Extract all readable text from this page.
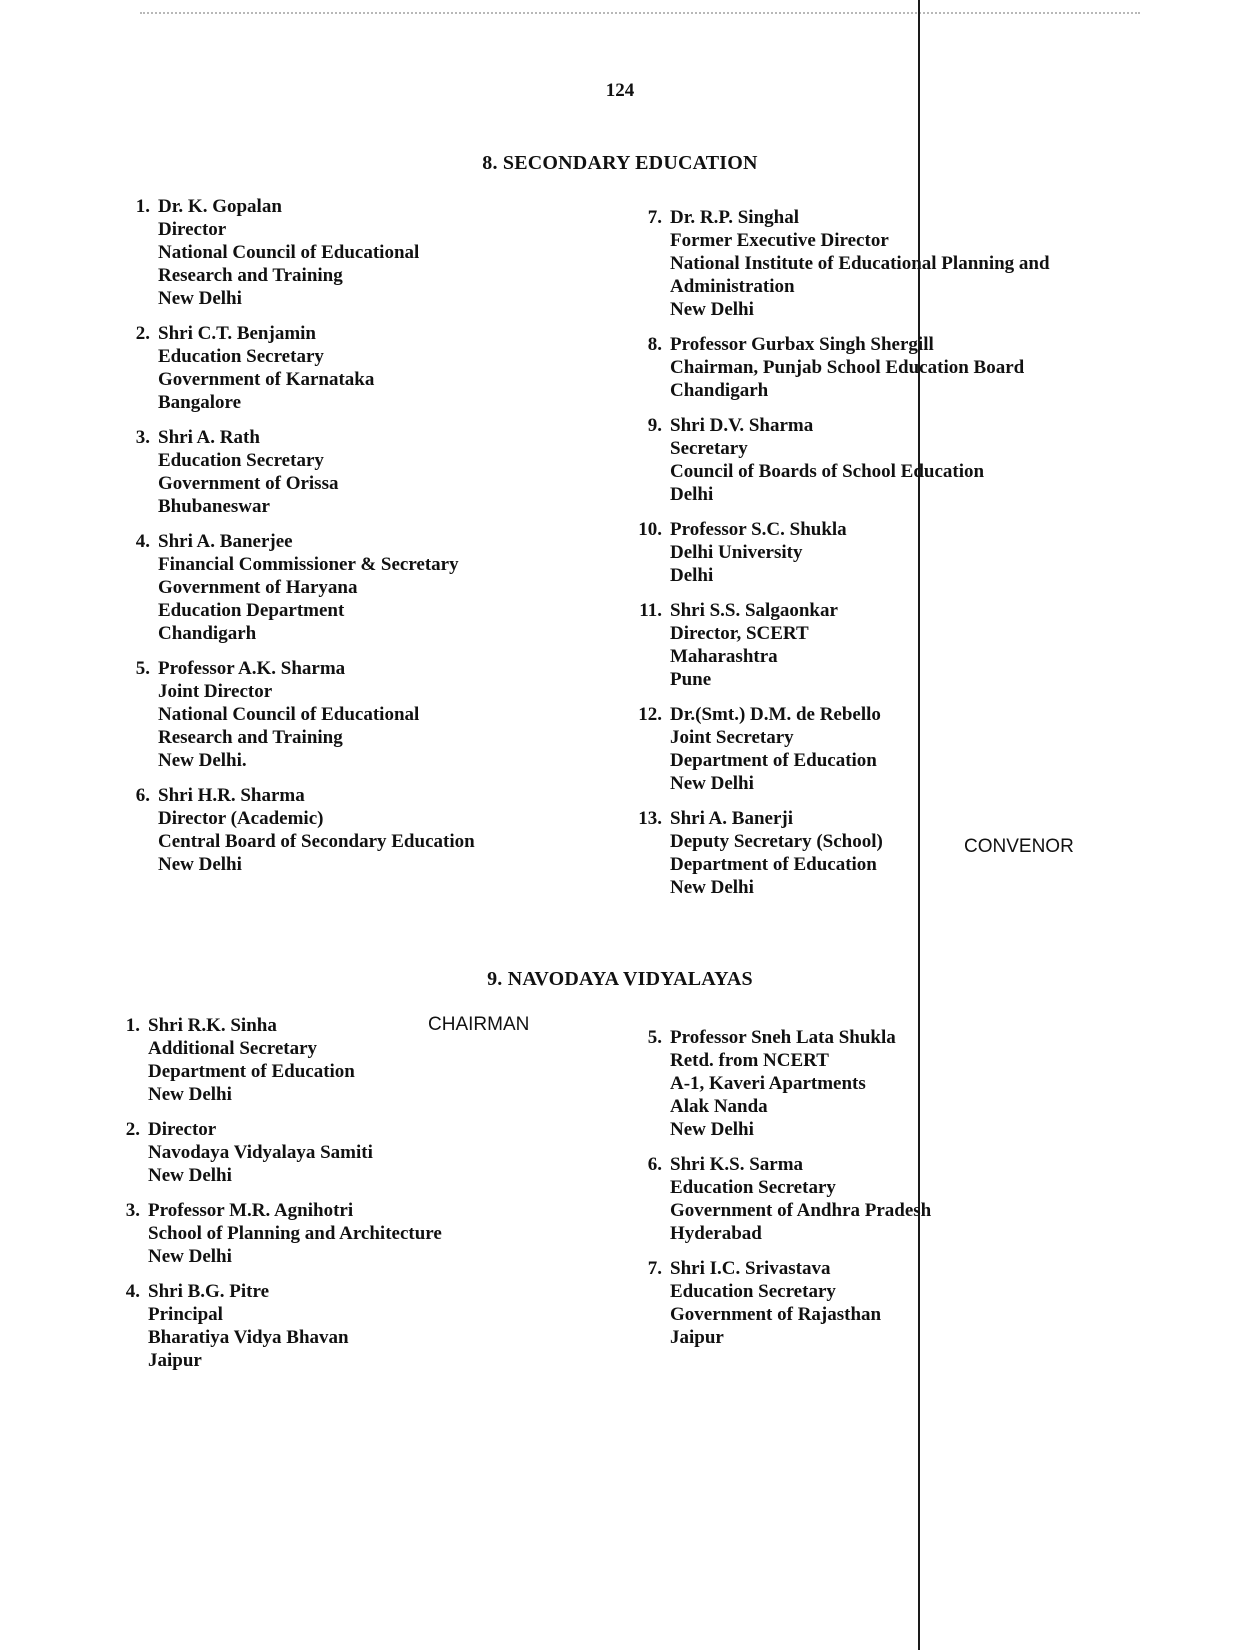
124
8. SECONDARY EDUCATION
1. Dr. K. Gopalan
Director
National Council of Educational
Research and Training
New Delhi
2. Shri C.T. Benjamin
Education Secretary
Government of Karnataka
Bangalore
3. Shri A. Rath
Education Secretary
Government of Orissa
Bhubaneswar
4. Shri A. Banerjee
Financial Commissioner & Secretary
Government of Haryana
Education Department
Chandigarh
5. Professor A.K. Sharma
Joint Director
National Council of Educational
Research and Training
New Delhi.
6. Shri H.R. Sharma
Director (Academic)
Central Board of Secondary Education
New Delhi
7. Dr. R.P. Singhal
Former Executive Director
National Institute of Educational Planning and
Administration
New Delhi
8. Professor Gurbax Singh Shergill
Chairman, Punjab School Education Board
Chandigarh
9. Shri D.V. Sharma
Secretary
Council of Boards of School Education
Delhi
10. Professor S.C. Shukla
Delhi University
Delhi
11. Shri S.S. Salgaonkar
Director, SCERT
Maharashtra
Pune
12. Dr.(Smt.) D.M. de Rebello
Joint Secretary
Department of Education
New Delhi
13. Shri A. Banerji
Deputy Secretary (School)
Department of Education
New Delhi
CONVENOR
9. NAVODAYA VIDYALAYAS
1. Shri R.K. Sinha
Additional Secretary
Department of Education
New Delhi
2. Director
Navodaya Vidyalaya Samiti
New Delhi
3. Professor M.R. Agnihotri
School of Planning and Architecture
New Delhi
4. Shri B.G. Pitre
Principal
Bharatiya Vidya Bhavan
Jaipur
CHAIRMAN
5. Professor Sneh Lata Shukla
Retd. from NCERT
A-1, Kaveri Apartments
Alak Nanda
New Delhi
6. Shri K.S. Sarma
Education Secretary
Government of Andhra Pradesh
Hyderabad
7. Shri I.C. Srivastava
Education Secretary
Government of Rajasthan
Jaipur
